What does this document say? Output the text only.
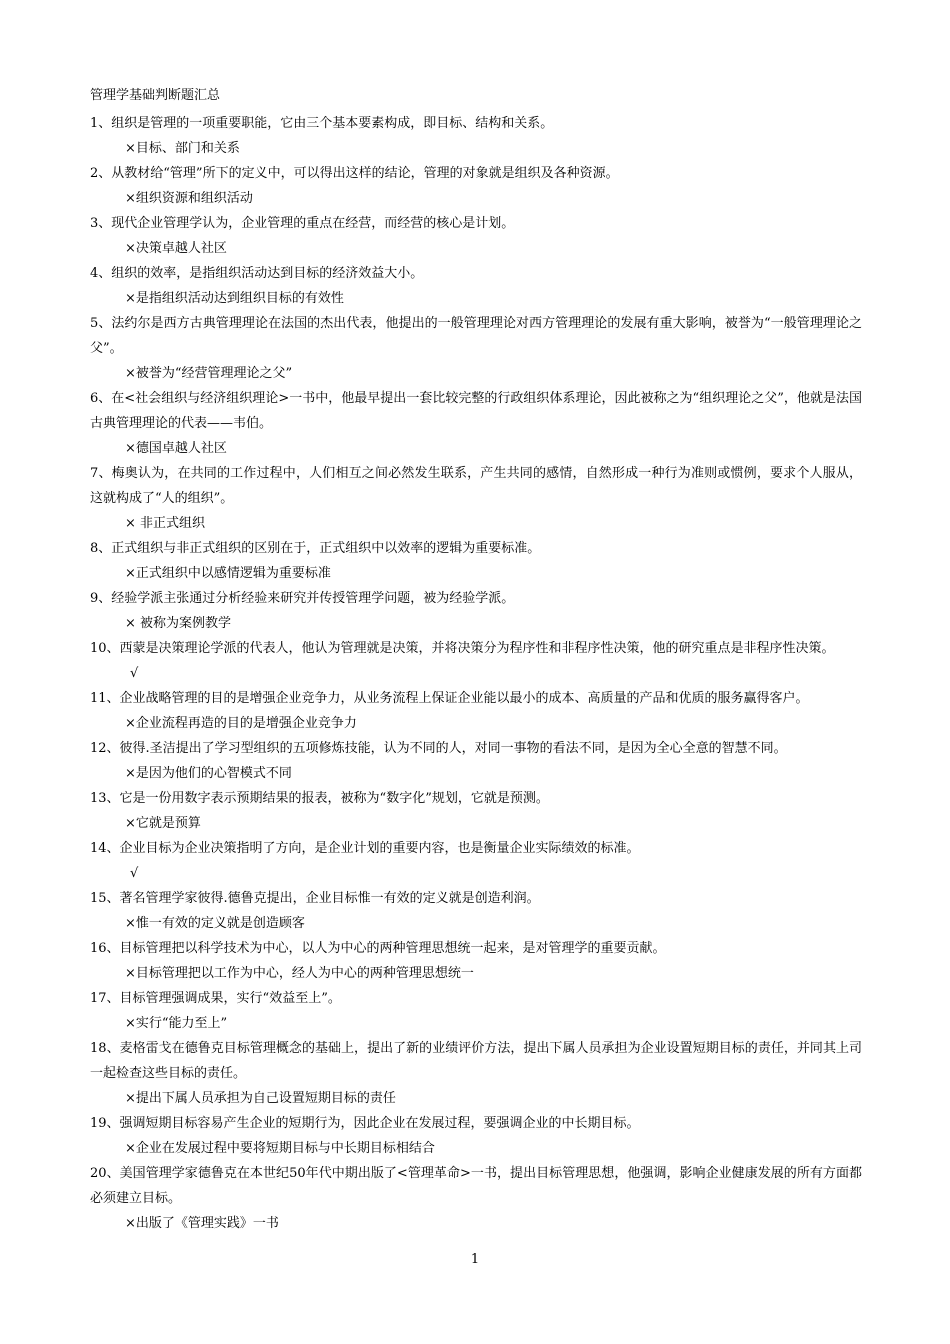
管理学基础判断题汇总
1、组织是管理的一项重要职能，它由三个基本要素构成，即目标、结构和关系。
×目标、部门和关系
2、从教材给“管理”所下的定义中，可以得出这样的结论，管理的对象就是组织及各种资源。
×组织资源和组织活动
3、现代企业管理学认为，企业管理的重点在经营，而经营的核心是计划。
×决策卓越人社区
4、组织的效率，是指组织活动达到目标的经济效益大小。
×是指组织活动达到组织目标的有效性
5、法约尔是西方古典管理理论在法国的杰出代表，他提出的一般管理理论对西方管理理论的发展有重大影响，被誉为“一般管理理论之父”。
×被誉为“经营管理理论之父”
6、在<社会组织与经济组织理论>一书中，他最早提出一套比较完整的行政组织体系理论，因此被称之为“组织理论之父”，他就是法国古典管理理论的代表——韦伯。
×德国卓越人社区
7、梅奥认为，在共同的工作过程中，人们相互之间必然发生联系，产生共同的感情，自然形成一种行为准则或惯例，要求个人服从，这就构成了“人的组织”。
× 非正式组织
8、正式组织与非正式组织的区别在于，正式组织中以效率的逻辑为重要标准。
×正式组织中以感情逻辑为重要标准
9、经验学派主张通过分析经验来研究并传授管理学问题，被为经验学派。
× 被称为案例教学
10、西蒙是决策理论学派的代表人，他认为管理就是决策，并将决策分为程序性和非程序性决策，他的研究重点是非程序性决策。
√
11、企业战略管理的目的是增强企业竞争力，从业务流程上保证企业能以最小的成本、高质量的产品和优质的服务赢得客户。
×企业流程再造的目的是增强企业竞争力
12、彼得.圣洁提出了学习型组织的五项修炼技能，认为不同的人，对同一事物的看法不同，是因为全心全意的智慧不同。
×是因为他们的心智模式不同
13、它是一份用数字表示预期结果的报表，被称为“数字化”规划，它就是预测。
×它就是预算
14、企业目标为企业决策指明了方向，是企业计划的重要内容，也是衡量企业实际绩效的标准。
√
15、著名管理学家彼得.德鲁克提出，企业目标惟一有效的定义就是创造利润。
×惟一有效的定义就是创造顾客
16、目标管理把以科学技术为中心，以人为中心的两种管理思想统一起来，是对管理学的重要贡献。
×目标管理把以工作为中心，经人为中心的两种管理思想统一
17、目标管理强调成果，实行“效益至上”。
×实行“能力至上”
18、麦格雷戈在德鲁克目标管理概念的基础上，提出了新的业绩评价方法，提出下属人员承担为企业设置短期目标的责任，并同其上司一起检查这些目标的责任。
×提出下属人员承担为自己设置短期目标的责任
19、强调短期目标容易产生企业的短期行为，因此企业在发展过程，要强调企业的中长期目标。
×企业在发展过程中要将短期目标与中长期目标相结合
20、美国管理学家德鲁克在本世纪50年代中期出版了<管理革命>一书，提出目标管理思想，他强调，影响企业健康发展的所有方面都必须建立目标。
×出版了《管理实践》一书
1
